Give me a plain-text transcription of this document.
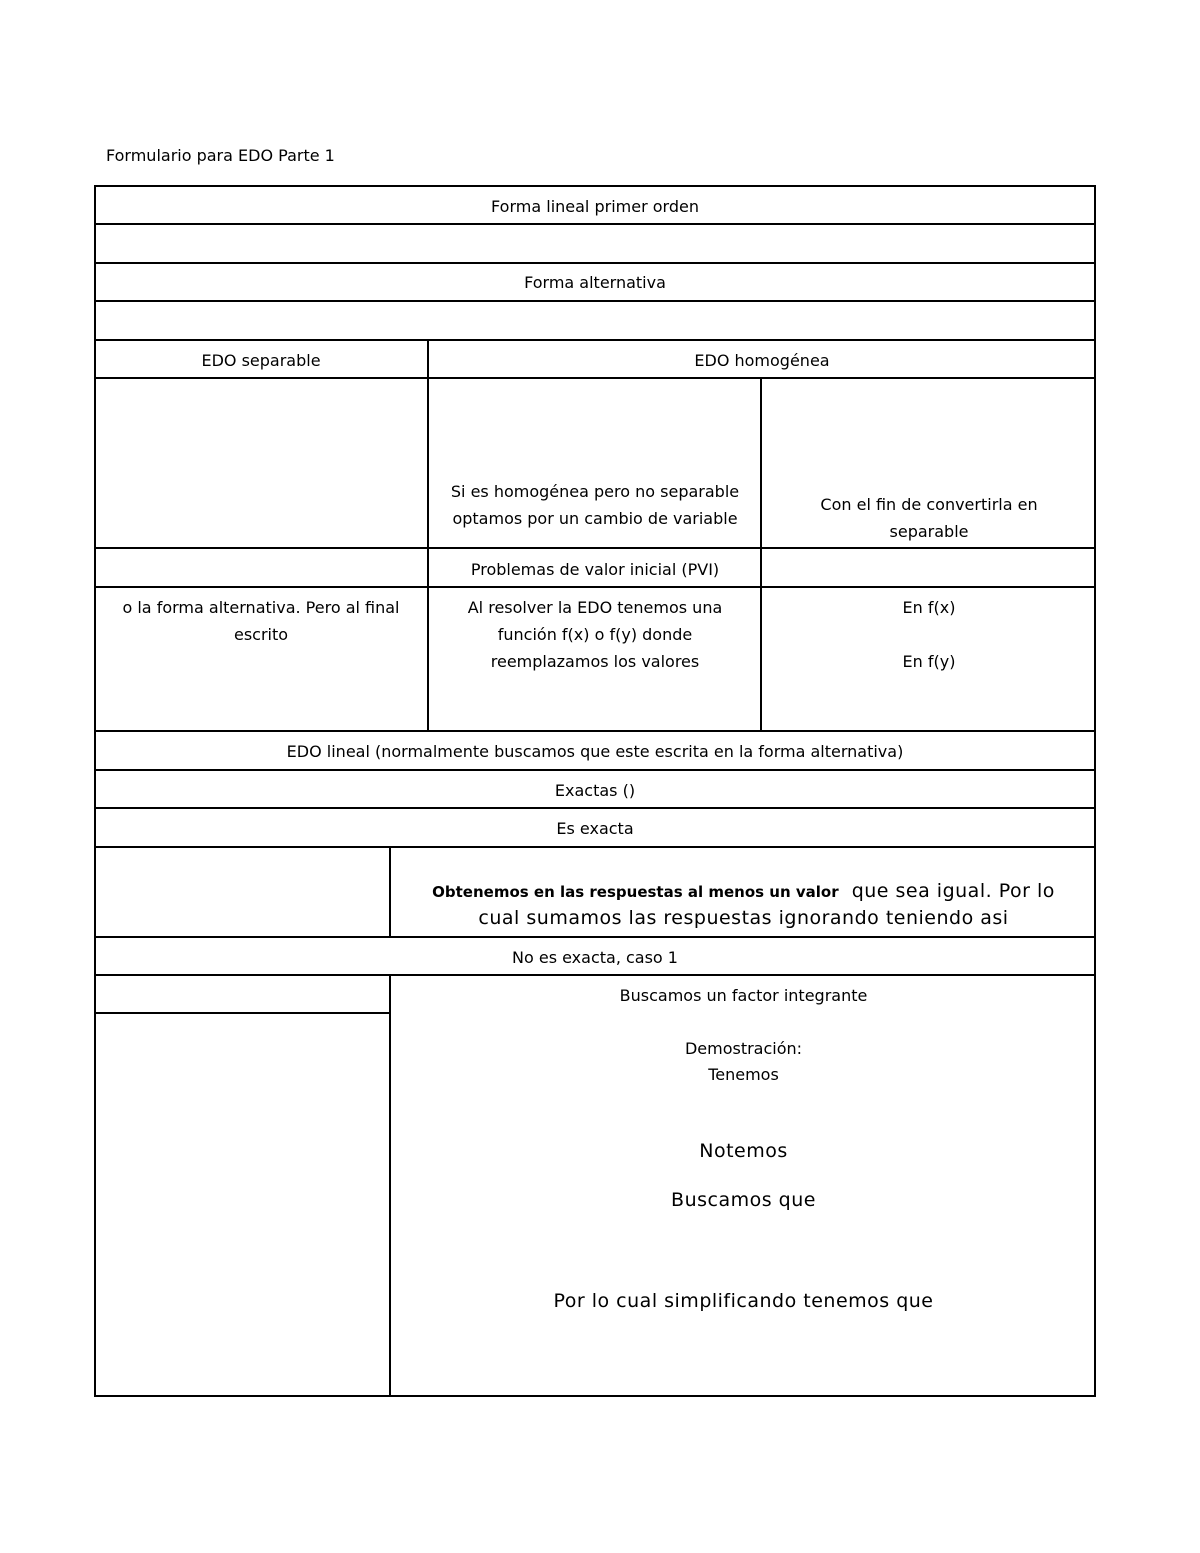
Formulario para EDO Parte 1
Forma lineal primer orden
Forma alternativa
EDO separable	EDO homogénea
Si es homogénea pero no separable
optamos por un cambio de variable
Con el fin de convertirla en
separable
Problemas de valor inicial (PVI)
o la forma alternativa. Pero al final
escrito
Al resolver la EDO tenemos una
función f(x) o f(y) donde
reemplazamos los valores
En f(x)
En f(y)
EDO lineal (normalmente buscamos que este escrita en la forma alternativa)
Exactas ()
Es exacta
Obtenemos en las respuestas al menos un valor que sea igual. Por lo
cual sumamos las respuestas ignorando teniendo asi
No es exacta, caso 1
Buscamos un factor integrante
Demostración:
Tenemos
Notemos
Buscamos que
Por lo cual simplificando tenemos que
